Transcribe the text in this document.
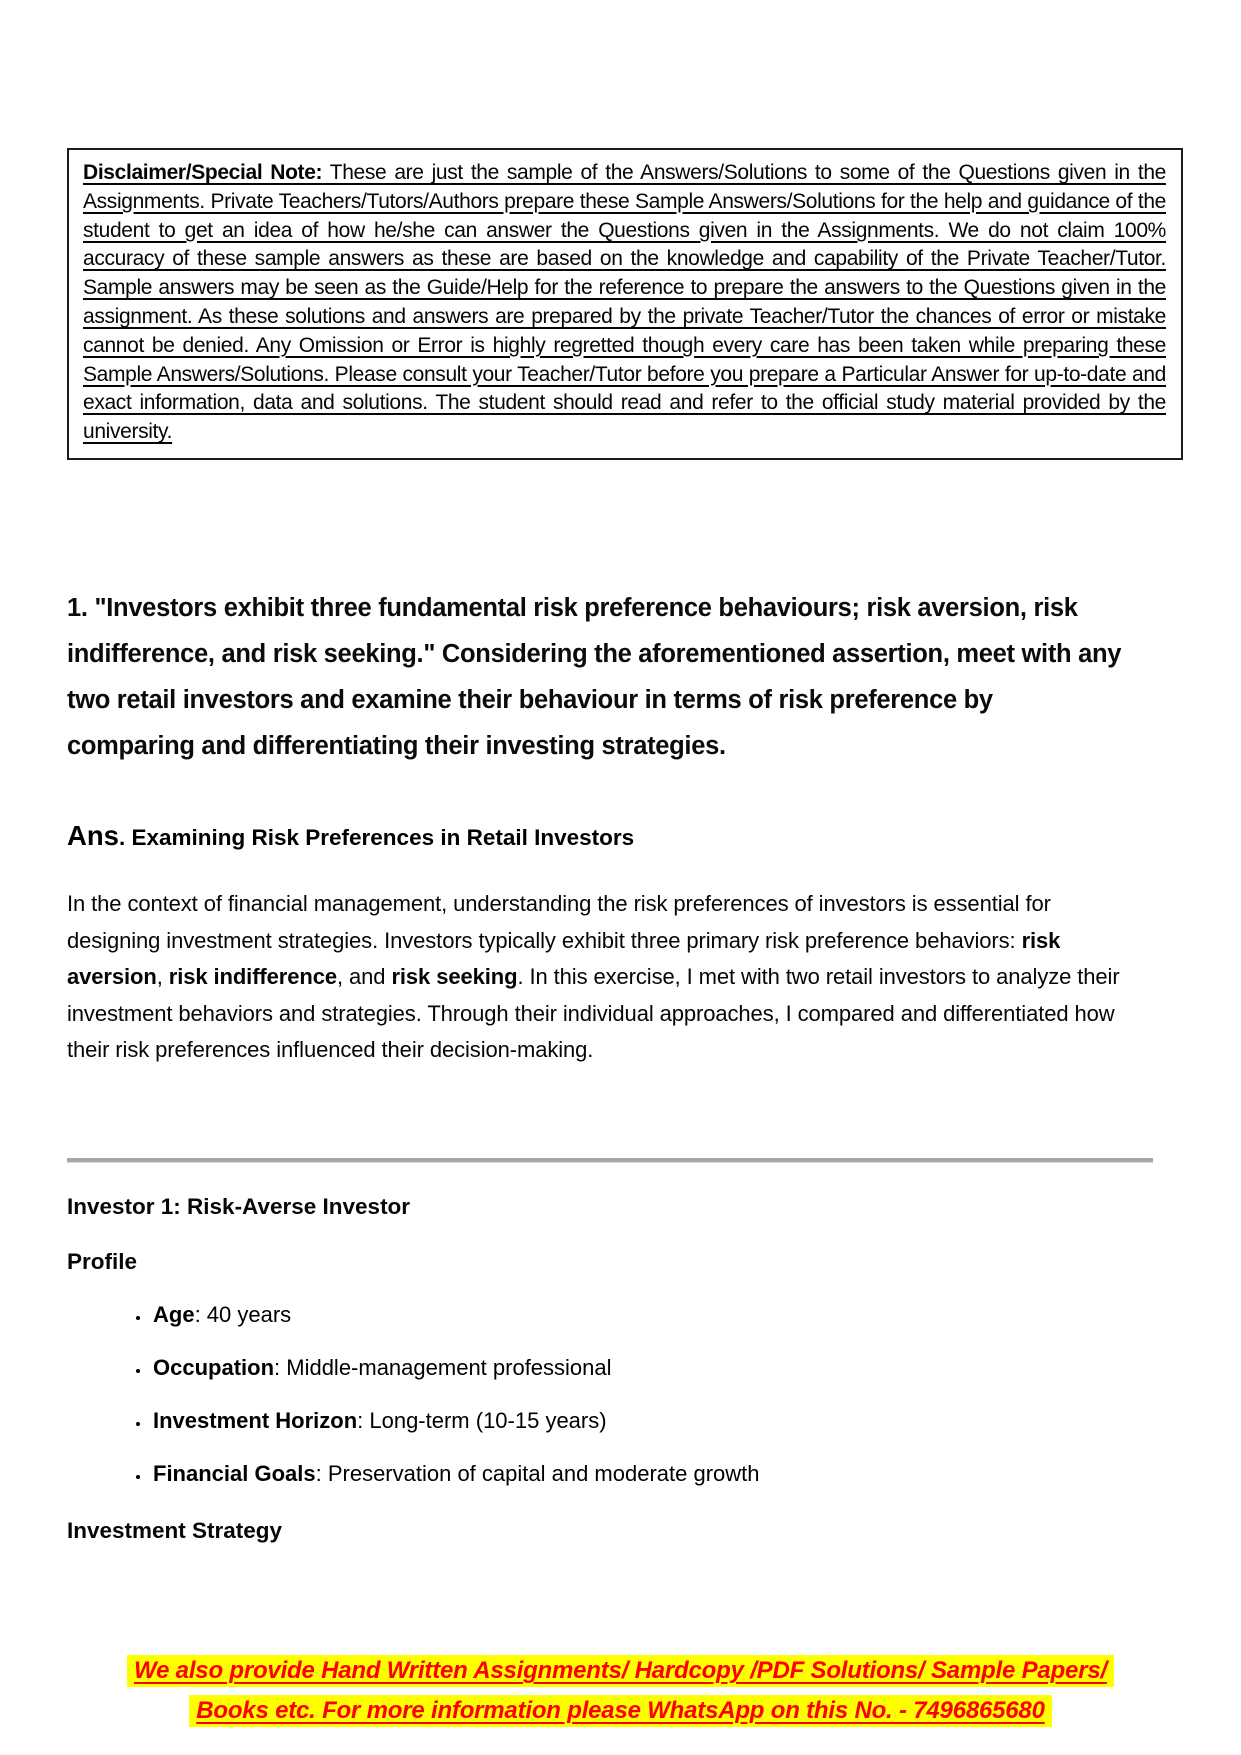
Disclaimer/Special Note: These are just the sample of the Answers/Solutions to some of the Questions given in the Assignments. Private Teachers/Tutors/Authors prepare these Sample Answers/Solutions for the help and guidance of the student to get an idea of how he/she can answer the Questions given in the Assignments. We do not claim 100% accuracy of these sample answers as these are based on the knowledge and capability of the Private Teacher/Tutor. Sample answers may be seen as the Guide/Help for the reference to prepare the answers to the Questions given in the assignment. As these solutions and answers are prepared by the private Teacher/Tutor the chances of error or mistake cannot be denied. Any Omission or Error is highly regretted though every care has been taken while preparing these Sample Answers/Solutions. Please consult your Teacher/Tutor before you prepare a Particular Answer for up-to-date and exact information, data and solutions. The student should read and refer to the official study material provided by the university.
1. "Investors exhibit three fundamental risk preference behaviours; risk aversion, risk indifference, and risk seeking." Considering the aforementioned assertion, meet with any two retail investors and examine their behaviour in terms of risk preference by comparing and differentiating their investing strategies.
Ans. Examining Risk Preferences in Retail Investors
In the context of financial management, understanding the risk preferences of investors is essential for designing investment strategies. Investors typically exhibit three primary risk preference behaviors: risk aversion, risk indifference, and risk seeking. In this exercise, I met with two retail investors to analyze their investment behaviors and strategies. Through their individual approaches, I compared and differentiated how their risk preferences influenced their decision-making.
Investor 1: Risk-Averse Investor
Profile
• Age: 40 years
• Occupation: Middle-management professional
• Investment Horizon: Long-term (10-15 years)
• Financial Goals: Preservation of capital and moderate growth
Investment Strategy
We also provide Hand Written Assignments/ Hardcopy /PDF Solutions/ Sample Papers/
Books etc. For more information please WhatsApp on this No. - 7496865680
